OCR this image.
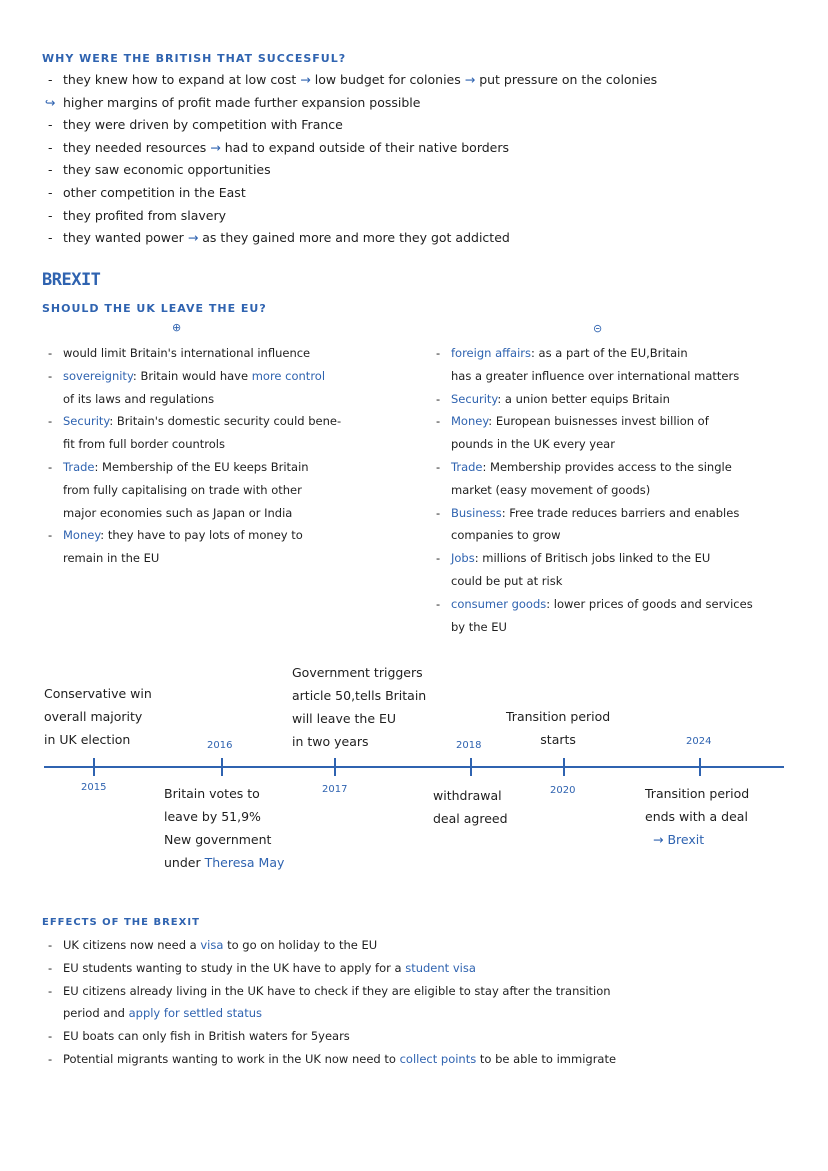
WHY WERE THE BRITISH THAT SUCCESFUL?
- they knew how to expand at low cost → low budget for colonies → put pressure on the colonies
↪ higher margins of profit made further expansion possible
- they were driven by competition with France
- they needed resources → had to expand outside of their native borders
- they saw economic opportunities
- other competition in the East
- they profited from slavery
- they wanted power → as they gained more and more they got addicted
BREXIT
SHOULD THE UK LEAVE THE EU?
⊕	⊝
- would limit Britain's international influence
- sovereignity: Britain would have more control
of its laws and regulations
- Security: Britain's domestic security could bene-
fit from full border countrols
- Trade: Membership of the EU keeps Britain
from fully capitalising on trade with other
major economies such as Japan or India
- Money: they have to pay lots of money to
remain in the EU
- foreign affairs: as a part of the EU,Britain
has a greater influence over international matters
- Security: a union better equips Britain
- Money: European buisnesses invest billion of
pounds in the UK every year
- Trade: Membership provides access to the single
market (easy movement of goods)
- Business: Free trade reduces barriers and enables
companies to grow
- Jobs: millions of Britisch jobs linked to the EU
could be put at risk
- consumer goods: lower prices of goods and services
by the EU
2015
2016
2017
2018
2020
2024
Conservative win
overall majority
in UK election
Britain votes to
leave by 51,9%
New government
under Theresa May
Government triggers
article 50,tells Britain
will leave the EU
in two years
withdrawal
deal agreed
Transition period
starts
Transition period
ends with a deal
→ Brexit
EFFECTS OF THE BREXIT
- UK citizens now need a visa to go on holiday to the EU
- EU students wanting to study in the UK have to apply for a student visa
- EU citizens already living in the UK have to check if they are eligible to stay after the transition
period and apply for settled status
- EU boats can only fish in British waters for 5years
- Potential migrants wanting to work in the UK now need to collect points to be able to immigrate
